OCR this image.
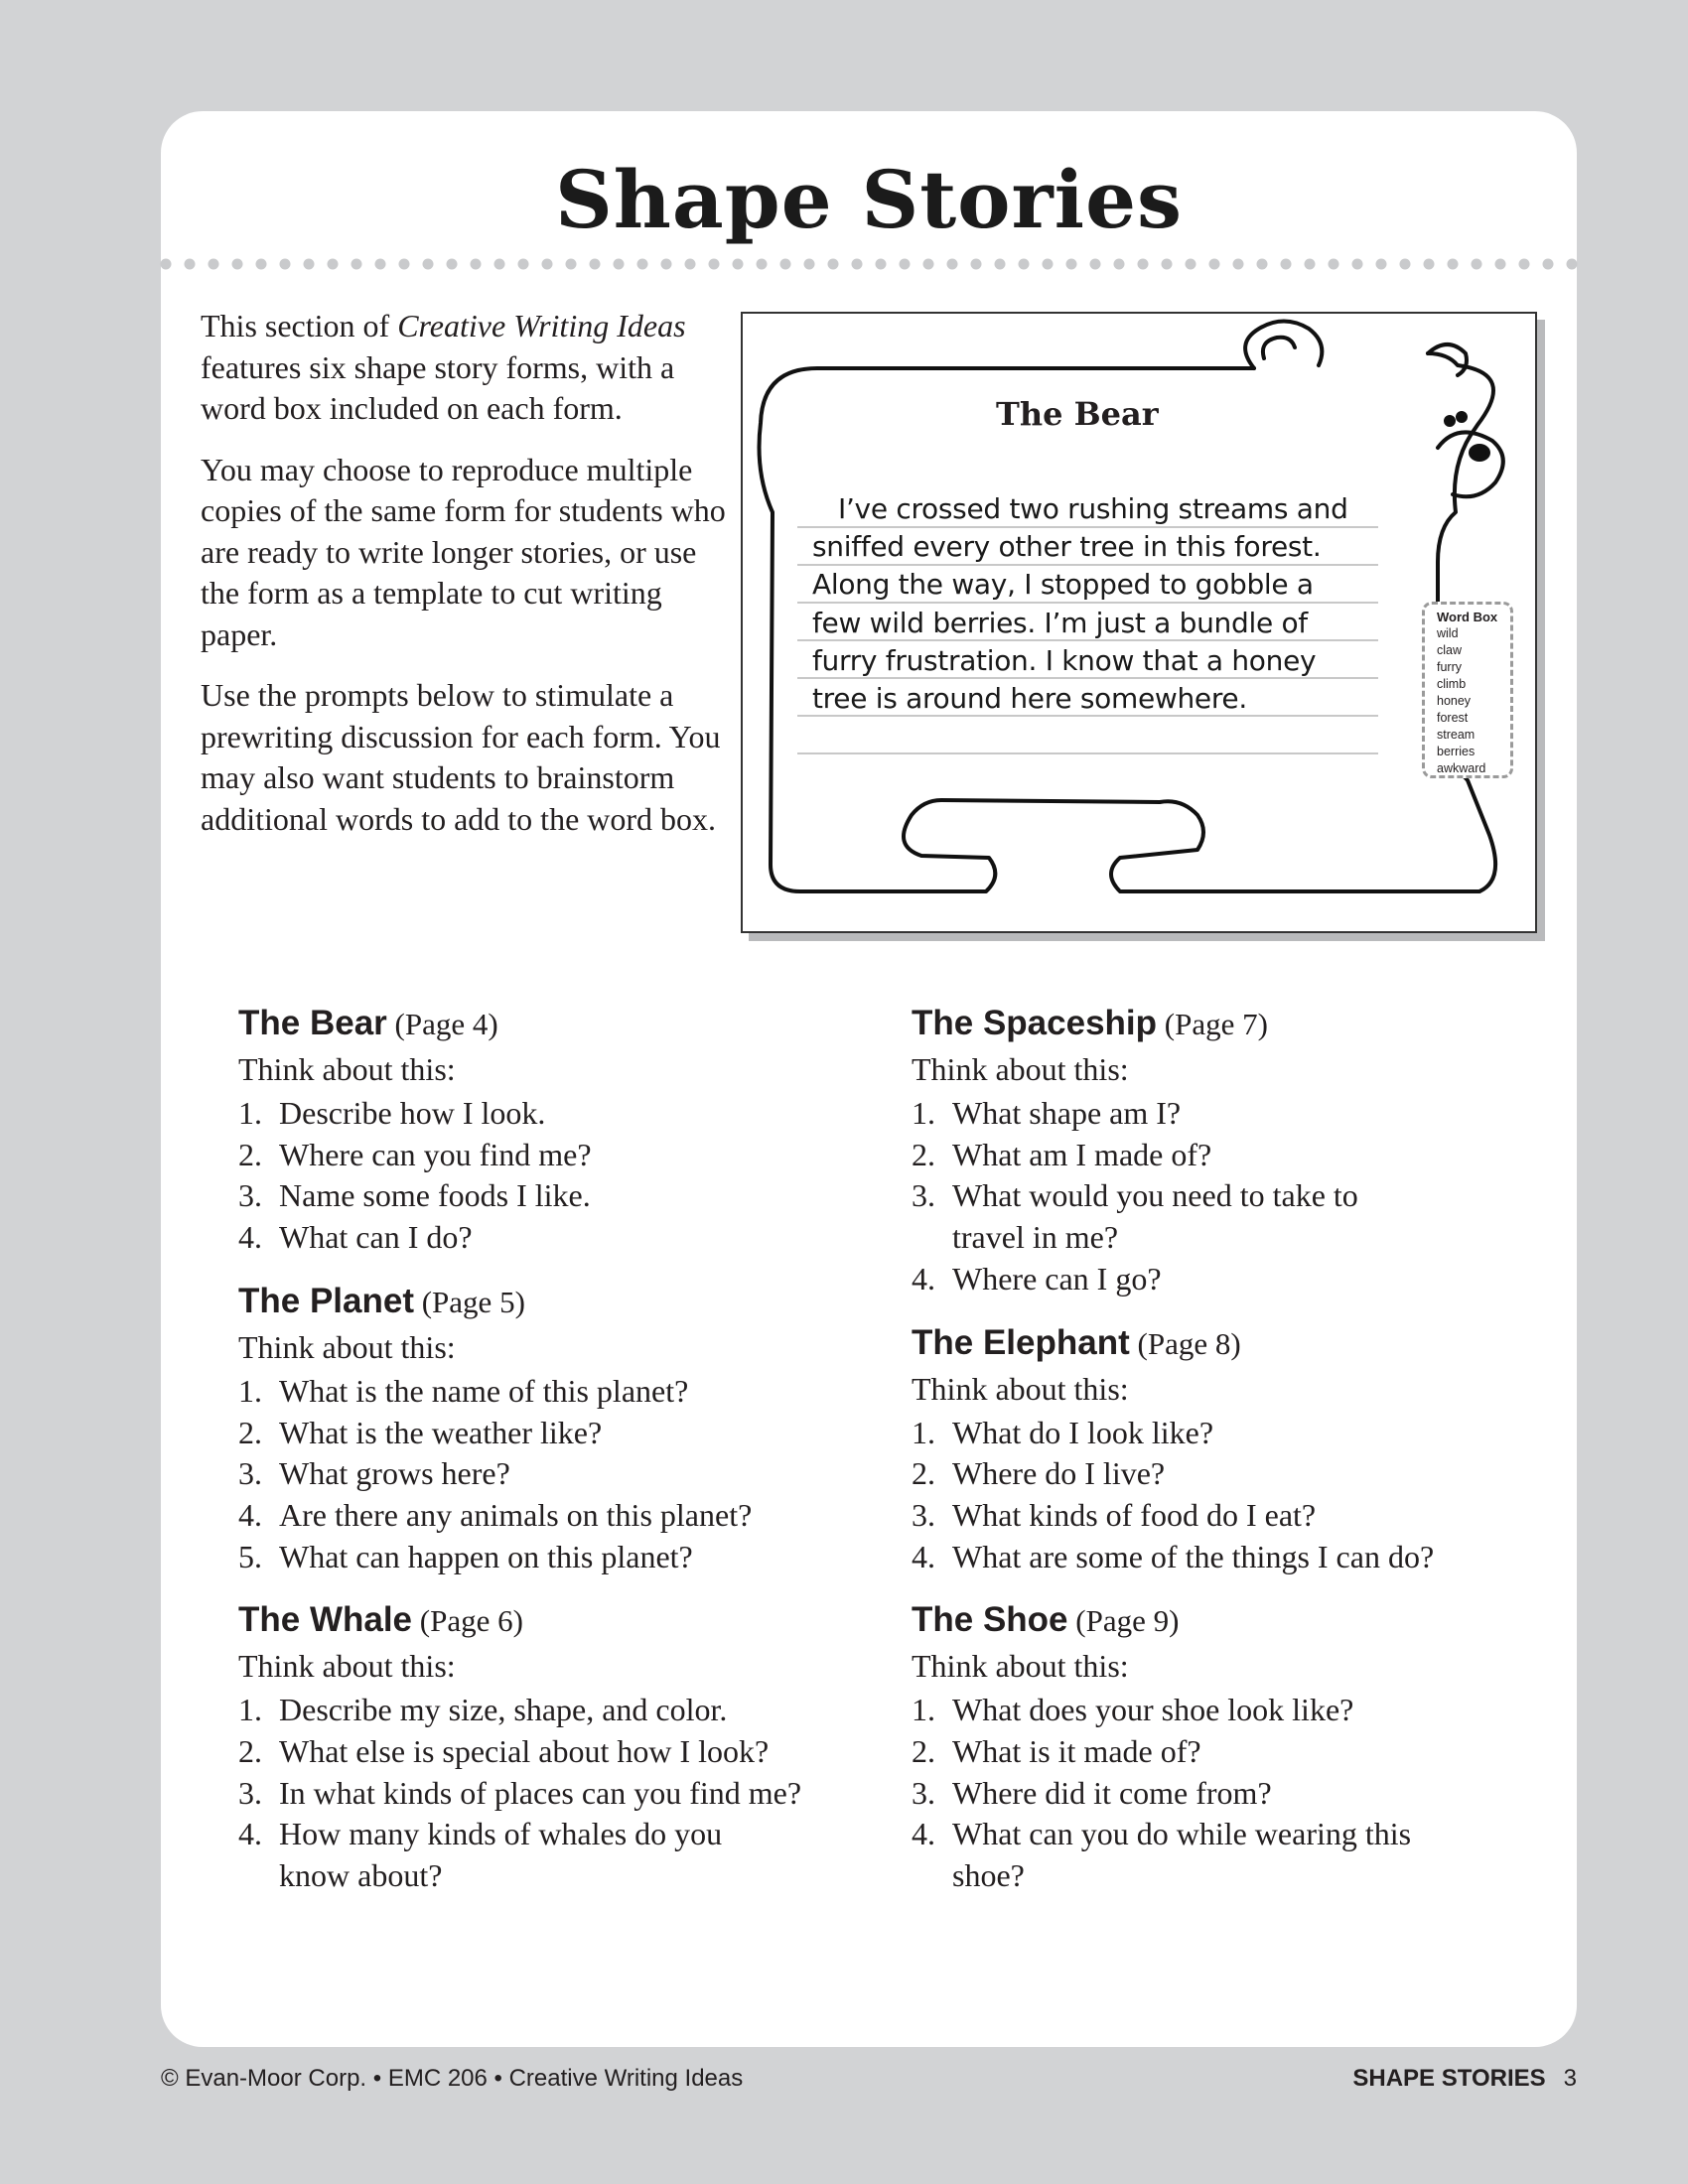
Shape Stories

This section of Creative Writing Ideas features six shape story forms, with a word box included on each form.

You may choose to reproduce multiple copies of the same form for students who are ready to write longer stories, or use the form as a template to cut writing paper.

Use the prompts below to stimulate a prewriting discussion for each form. You may also want students to brainstorm additional words to add to the word box.

The Bear
I’ve crossed two rushing streams and sniffed every other tree in this forest. Along the way, I stopped to gobble a few wild berries. I’m just a bundle of furry frustration. I know that a honey tree is around here somewhere.
Word Box
wild
claw
furry
climb
honey
forest
stream
berries
awkward
The Bear (Page 4)
Think about this:
1. Describe how I look.
2. Where can you find me?
3. Name some foods I like.
4. What can I do?
The Planet (Page 5)
Think about this:
1. What is the name of this planet?
2. What is the weather like?
3. What grows here?
4. Are there any animals on this planet?
5. What can happen on this planet?
The Whale (Page 6)
Think about this:
1. Describe my size, shape, and color.
2. What else is special about how I look?
3. In what kinds of places can you find me?
4. How many kinds of whales do you know about?
The Spaceship (Page 7)
Think about this:
1. What shape am I?
2. What am I made of?
3. What would you need to take to travel in me?
4. Where can I go?
The Elephant (Page 8)
Think about this:
1. What do I look like?
2. Where do I live?
3. What kinds of food do I eat?
4. What are some of the things I can do?
The Shoe (Page 9)
Think about this:
1. What does your shoe look like?
2. What is it made of?
3. Where did it come from?
4. What can you do while wearing this shoe?
© Evan-Moor Corp. • EMC 206 • Creative Writing Ideas	SHAPE STORIES 3
